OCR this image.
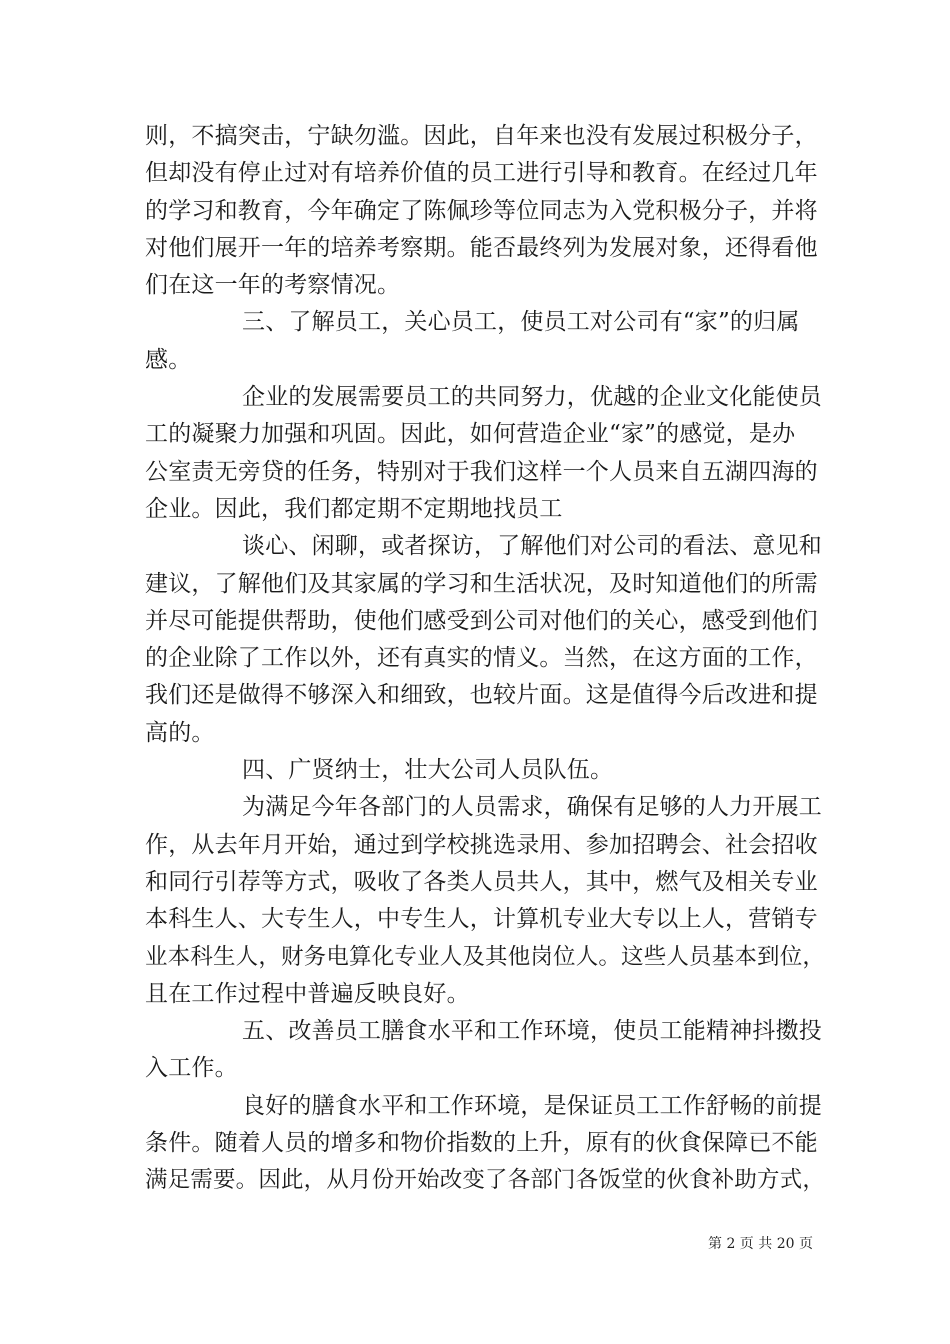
则，不搞突击，宁缺勿滥。因此，自年来也没有发展过积极分子，
但却没有停止过对有培养价值的员工进行引导和教育。在经过几年
的学习和教育，今年确定了陈佩珍等位同志为入党积极分子，并将
对他们展开一年的培养考察期。能否最终列为发展对象，还得看他
们在这一年的考察情况。
三、了解员工，关心员工，使员工对公司有“家”的归属
感。
企业的发展需要员工的共同努力，优越的企业文化能使员
工的凝聚力加强和巩固。因此，如何营造企业“家”的感觉，是办
公室责无旁贷的任务，特别对于我们这样一个人员来自五湖四海的
企业。因此，我们都定期不定期地找员工
谈心、闲聊，或者探访，了解他们对公司的看法、意见和
建议，了解他们及其家属的学习和生活状况，及时知道他们的所需
并尽可能提供帮助，使他们感受到公司对他们的关心，感受到他们
的企业除了工作以外，还有真实的情义。当然，在这方面的工作，
我们还是做得不够深入和细致，也较片面。这是值得今后改进和提
高的。
四、广贤纳士，壮大公司人员队伍。
为满足今年各部门的人员需求，确保有足够的人力开展工
作，从去年月开始，通过到学校挑选录用、参加招聘会、社会招收
和同行引荐等方式，吸收了各类人员共人，其中，燃气及相关专业
本科生人、大专生人，中专生人，计算机专业大专以上人，营销专
业本科生人，财务电算化专业人及其他岗位人。这些人员基本到位，
且在工作过程中普遍反映良好。
五、改善员工膳食水平和工作环境，使员工能精神抖擞投
入工作。
良好的膳食水平和工作环境，是保证员工工作舒畅的前提
条件。随着人员的增多和物价指数的上升，原有的伙食保障已不能
满足需要。因此，从月份开始改变了各部门各饭堂的伙食补助方式，
第 2 页 共 20 页
